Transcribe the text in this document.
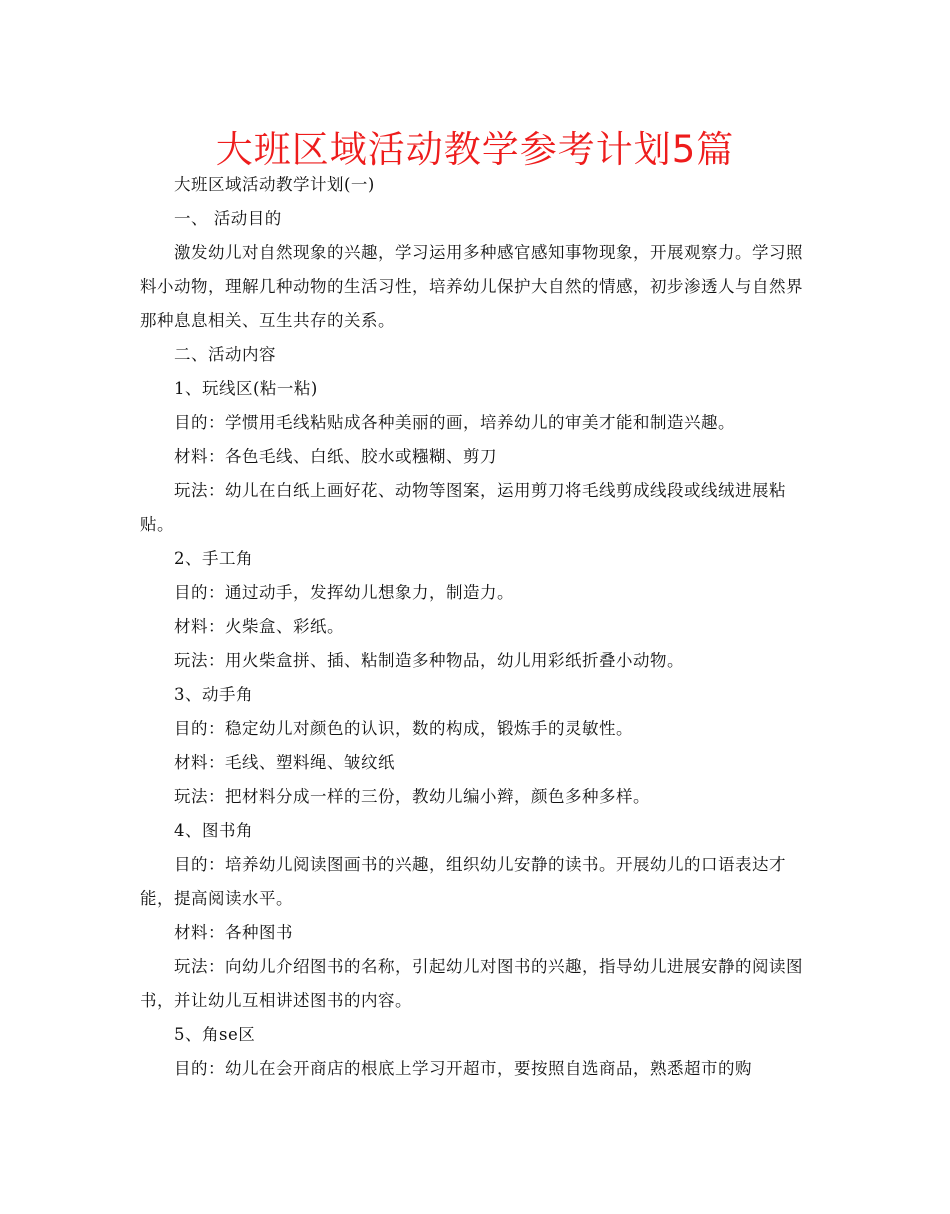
大班区域活动教学参考计划5篇

大班区域活动教学计划(一)

一、 活动目的

激发幼儿对自然现象的兴趣，学习运用多种感官感知事物现象，开展观察力。学习照料小动物，理解几种动物的生活习性，培养幼儿保护大自然的情感，初步渗透人与自然界那种息息相关、互生共存的关系。

二、活动内容

1、玩线区(粘一粘)

目的：学惯用毛线粘贴成各种美丽的画，培养幼儿的审美才能和制造兴趣。

材料：各色毛线、白纸、胶水或糨糊、剪刀

玩法：幼儿在白纸上画好花、动物等图案，运用剪刀将毛线剪成线段或线绒进展粘贴。

2、手工角

目的：通过动手，发挥幼儿想象力，制造力。

材料：火柴盒、彩纸。

玩法：用火柴盒拼、插、粘制造多种物品，幼儿用彩纸折叠小动物。

3、动手角

目的：稳定幼儿对颜色的认识，数的构成，锻炼手的灵敏性。

材料：毛线、塑料绳、皱纹纸

玩法：把材料分成一样的三份，教幼儿编小辫，颜色多种多样。

4、图书角

目的：培养幼儿阅读图画书的兴趣，组织幼儿安静的读书。开展幼儿的口语表达才能，提高阅读水平。

材料：各种图书

玩法：向幼儿介绍图书的名称，引起幼儿对图书的兴趣，指导幼儿进展安静的阅读图书，并让幼儿互相讲述图书的内容。

5、角se区

目的：幼儿在会开商店的根底上学习开超市，要按照自选商品，熟悉超市的购
